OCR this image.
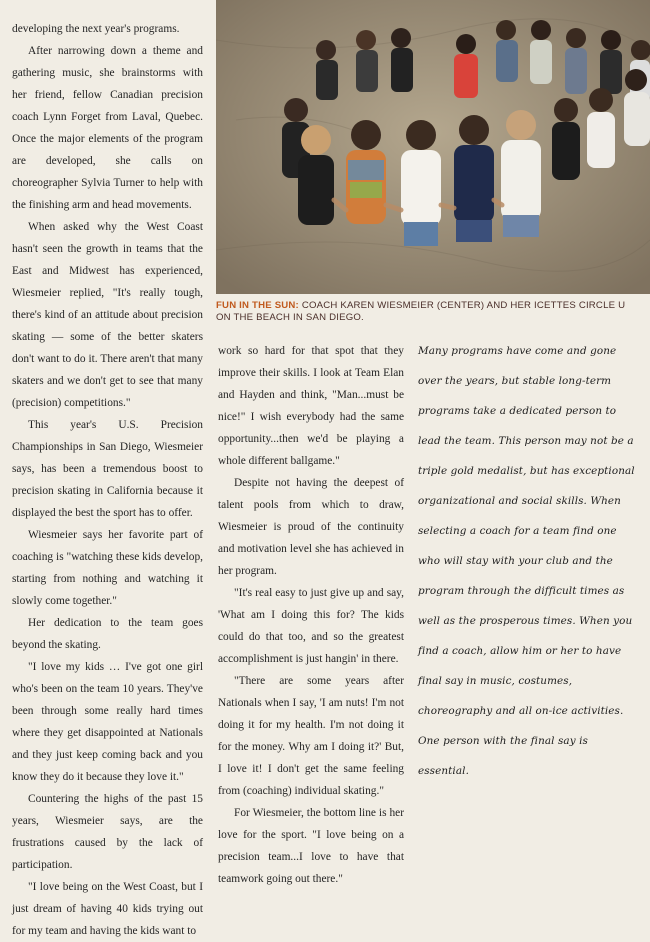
developing the next year's programs.

After narrowing down a theme and gathering music, she brainstorms with her friend, fellow Canadian precision coach Lynn Forget from Laval, Quebec. Once the major elements of the program are developed, she calls on choreographer Sylvia Turner to help with the finishing arm and head movements.

When asked why the West Coast hasn't seen the growth in teams that the East and Midwest has experienced, Wiesmeier replied, "It's really tough, there's kind of an attitude about precision skating — some of the better skaters don't want to do it. There aren't that many skaters and we don't get to see that many (precision) competitions."

This year's U.S. Precision Championships in San Diego, Wiesmeier says, has been a tremendous boost to precision skating in California because it displayed the best the sport has to offer.

Wiesmeier says her favorite part of coaching is "watching these kids develop, starting from nothing and watching it slowly come together."

Her dedication to the team goes beyond the skating.

"I love my kids … I've got one girl who's been on the team 10 years. They've been through some really hard times where they get disappointed at Nationals and they just keep coming back and you know they do it because they love it."

Countering the highs of the past 15 years, Wiesmeier says, are the frustrations caused by the lack of participation.

"I love being on the West Coast, but I just dream of having 40 kids trying out for my team and having the kids want to

FUN IN THE SUN: COACH KAREN WIESMEIER (CENTER) AND HER ICETTES CIRCLE U
ON THE BEACH IN SAN DIEGO.

work so hard for that spot that they improve their skills. I look at Team Elan and Hayden and think, "Man...must be nice!" I wish everybody had the same opportunity...then we'd be playing a whole different ballgame."

Despite not having the deepest of talent pools from which to draw, Wiesmeier is proud of the continuity and motivation level she has achieved in her program.

"It's real easy to just give up and say, 'What am I doing this for? The kids could do that too, and so the greatest accomplishment is just hangin' in there.

"There are some years after Nationals when I say, 'I am nuts! I'm not doing it for my health. I'm not doing it for the money. Why am I doing it?' But, I love it! I don't get the same feeling from (coaching) individual skating."

For Wiesmeier, the bottom line is her love for the sport. "I love being on a precision team...I love to have that teamwork going out there."

Many programs have come and gone over the years, but stable long-term programs take a dedicated person to lead the team. This person may not be a triple gold medalist, but has exceptional organizational and social skills. When selecting a coach for a team find one who will stay with your club and the program through the difficult times as well as the prosperous times. When you find a coach, allow him or her to have final say in music, costumes, choreography and all on-ice activities. One person with the final say is essential.
